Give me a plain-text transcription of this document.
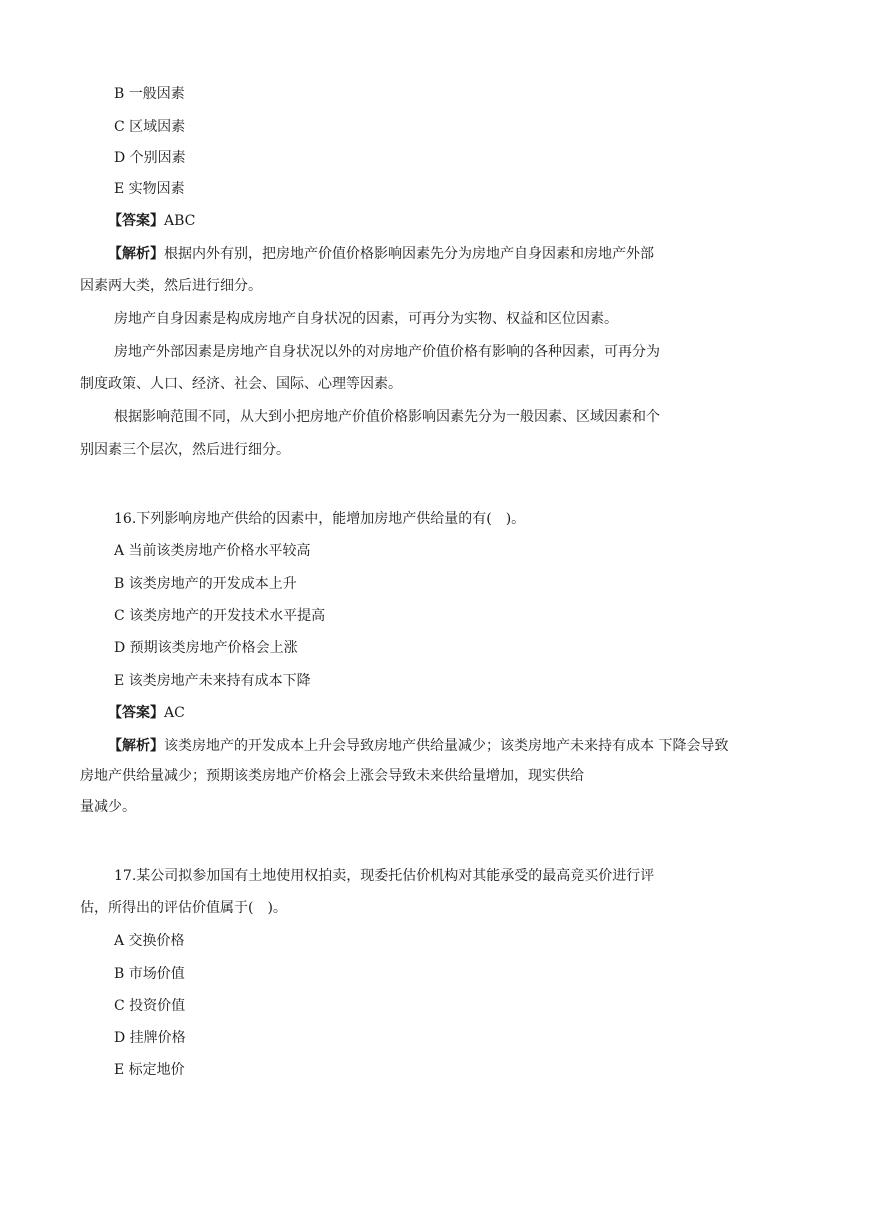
B 一般因素
C 区域因素
D 个别因素
E 实物因素
【答案】ABC
【解析】根据内外有别，把房地产价值价格影响因素先分为房地产自身因素和房地产外部
因素两大类，然后进行细分。
房地产自身因素是构成房地产自身状况的因素，可再分为实物、权益和区位因素。
房地产外部因素是房地产自身状况以外的对房地产价值价格有影响的各种因素，可再分为
制度政策、人口、经济、社会、国际、心理等因素。
根据影响范围不同，从大到小把房地产价值价格影响因素先分为一般因素、区域因素和个
别因素三个层次，然后进行细分。
16.下列影响房地产供给的因素中，能增加房地产供给量的有(　)。
A 当前该类房地产价格水平较高
B 该类房地产的开发成本上升
C 该类房地产的开发技术水平提高
D 预期该类房地产价格会上涨
E 该类房地产未来持有成本下降
【答案】AC
【解析】该类房地产的开发成本上升会导致房地产供给量减少；该类房地产未来持有成本 下降会导致
房地产供给量减少；预期该类房地产价格会上涨会导致未来供给量增加，现实供给
量减少。
17.某公司拟参加国有土地使用权拍卖，现委托估价机构对其能承受的最高竞买价进行评
估，所得出的评估价值属于(　)。
A 交换价格
B 市场价值
C 投资价值
D 挂牌价格
E 标定地价
